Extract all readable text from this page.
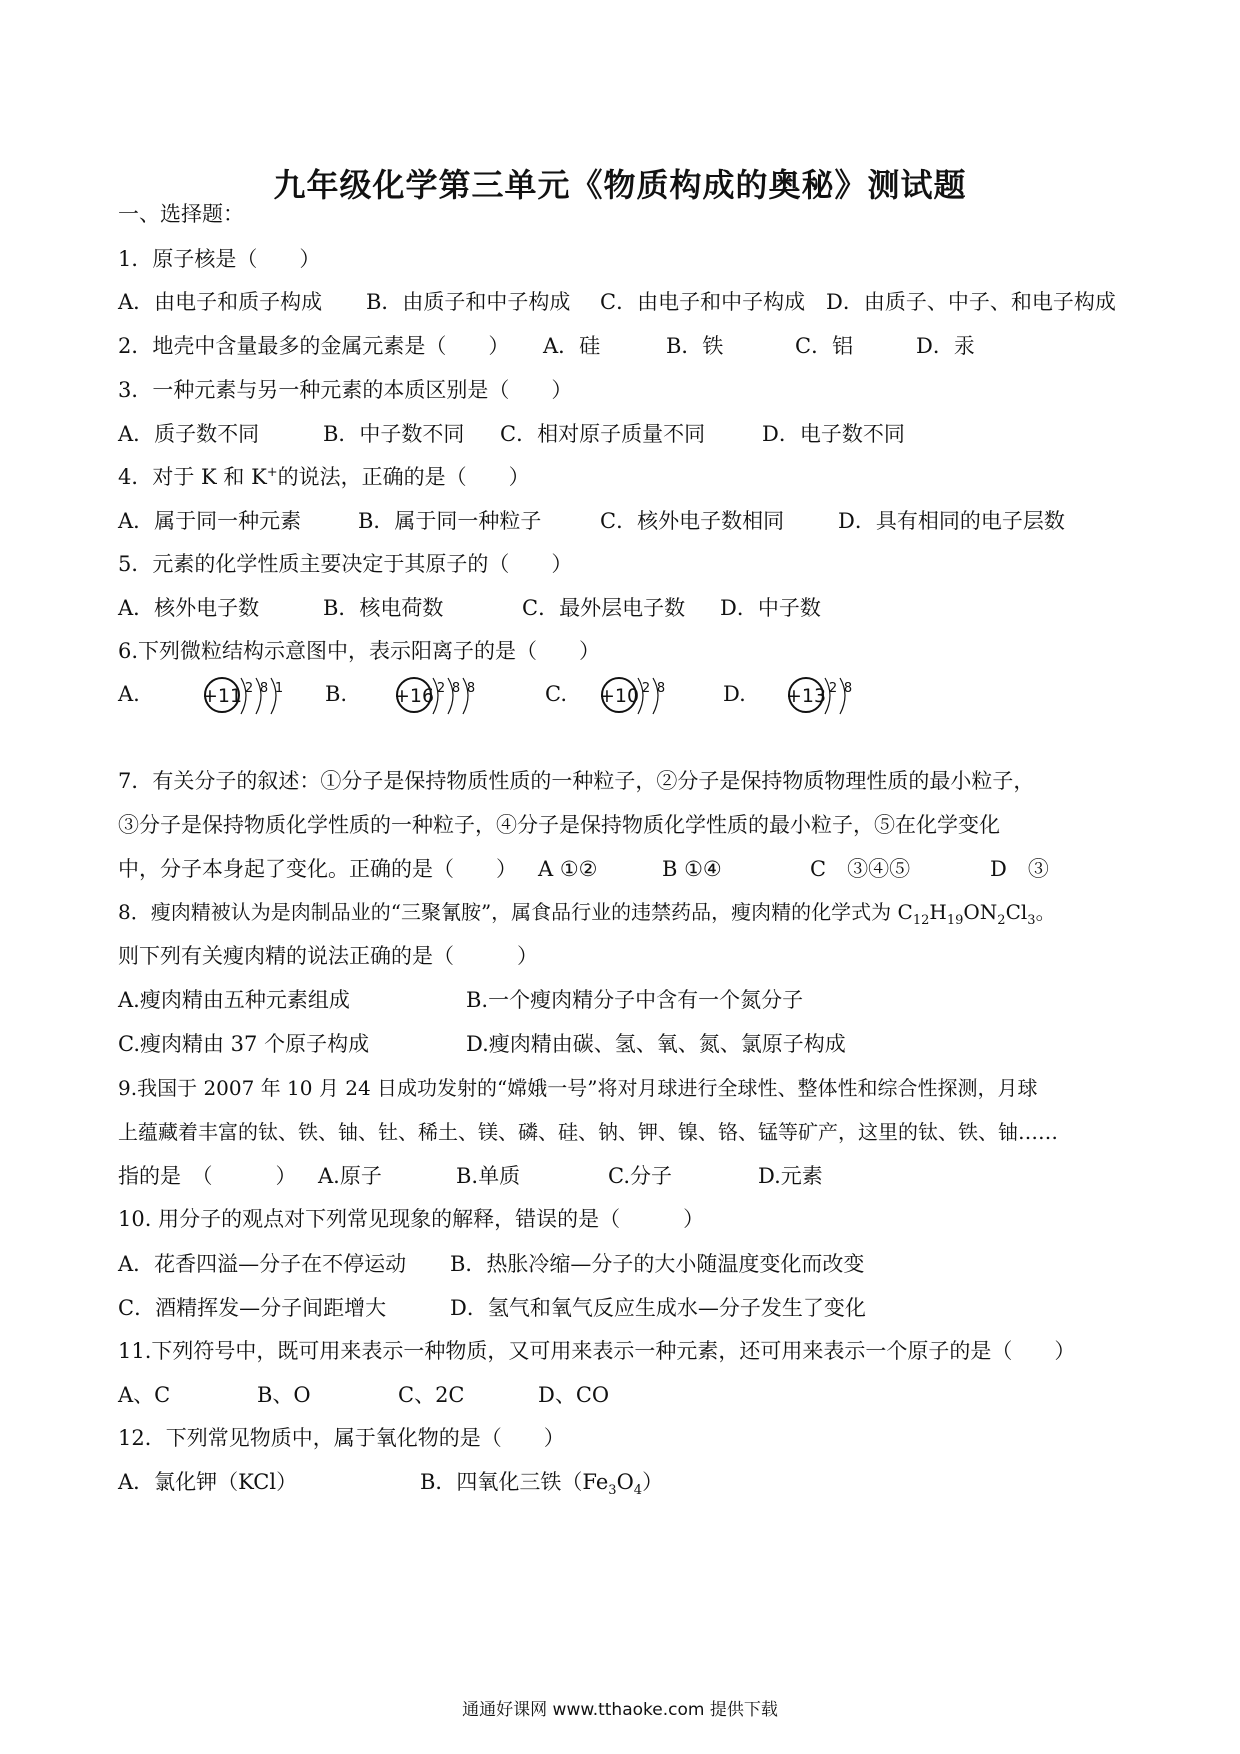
九年级化学第三单元《物质构成的奥秘》测试题
一、选择题：
1．原子核是（　　）
A．由电子和质子构成 B．由质子和中子构成 C．由电子和中子构成 D．由质子、中子、和电子构成
2．地壳中含量最多的金属元素是（　　） A．硅	B．铁	C．铝	D．汞
3．一种元素与另一种元素的本质区别是（　　）
A．质子数不同	B．中子数不同 C．相对原子质量不同	D．电子数不同
4．对于 K 和 K+的说法，正确的是（　　）
A．属于同一种元素	B．属于同一种粒子	C．核外电子数相同	D．具有相同的电子层数
5．元素的化学性质主要决定于其原子的（　　）
A．核外电子数	B．核电荷数	C．最外层电子数 D．中子数
6.下列微粒结构示意图中，表示阳离子的是（　　）
A.	B.	C.	D.
+11 2 8 1	+16 2 8 8	+10 2 8	+13 2 8
7．有关分子的叙述：①分子是保持物质性质的一种粒子，②分子是保持物质物理性质的最小粒子，
③分子是保持物质化学性质的一种粒子，④分子是保持物质化学性质的最小粒子，⑤在化学变化
中，分子本身起了变化。正确的是（　　） A ①②	B ①④	C　③④⑤	D　③
8．瘦肉精被认为是肉制品业的“三聚氰胺”，属食品行业的违禁药品，瘦肉精的化学式为 $C_{12}H_{19}ON_2Cl_3$。
则下列有关瘦肉精的说法正确的是（　　　）
A.瘦肉精由五种元素组成	B.一个瘦肉精分子中含有一个氮分子
C.瘦肉精由 37 个原子构成	D.瘦肉精由碳、氢、氧、氮、氯原子构成
9.我国于 2007 年 10 月 24 日成功发射的“嫦娥一号”将对月球进行全球性、整体性和综合性探测，月球
上蕴藏着丰富的钛、铁、铀、钍、稀土、镁、磷、硅、钠、钾、镍、铬、锰等矿产，这里的钛、铁、铀……
指的是　（　　　） A.原子	B.单质	C.分子	D.元素
10. 用分子的观点对下列常见现象的解释，错误的是（　　　）
A．花香四溢—分子在不停运动 B．热胀冷缩—分子的大小随温度变化而改变
C．酒精挥发—分子间距增大	D．氢气和氧气反应生成水—分子发生了变化
11.下列符号中，既可用来表示一种物质，又可用来表示一种元素，还可用来表示一个原子的是（　　）
A、C	B、O	C、2C	D、CO
12．下列常见物质中，属于氧化物的是（　　）
A．氯化钾（KCl）	B．四氧化三铁$(Fe_3O_4)$
通通好课网 www.tthaoke.com 提供下载
